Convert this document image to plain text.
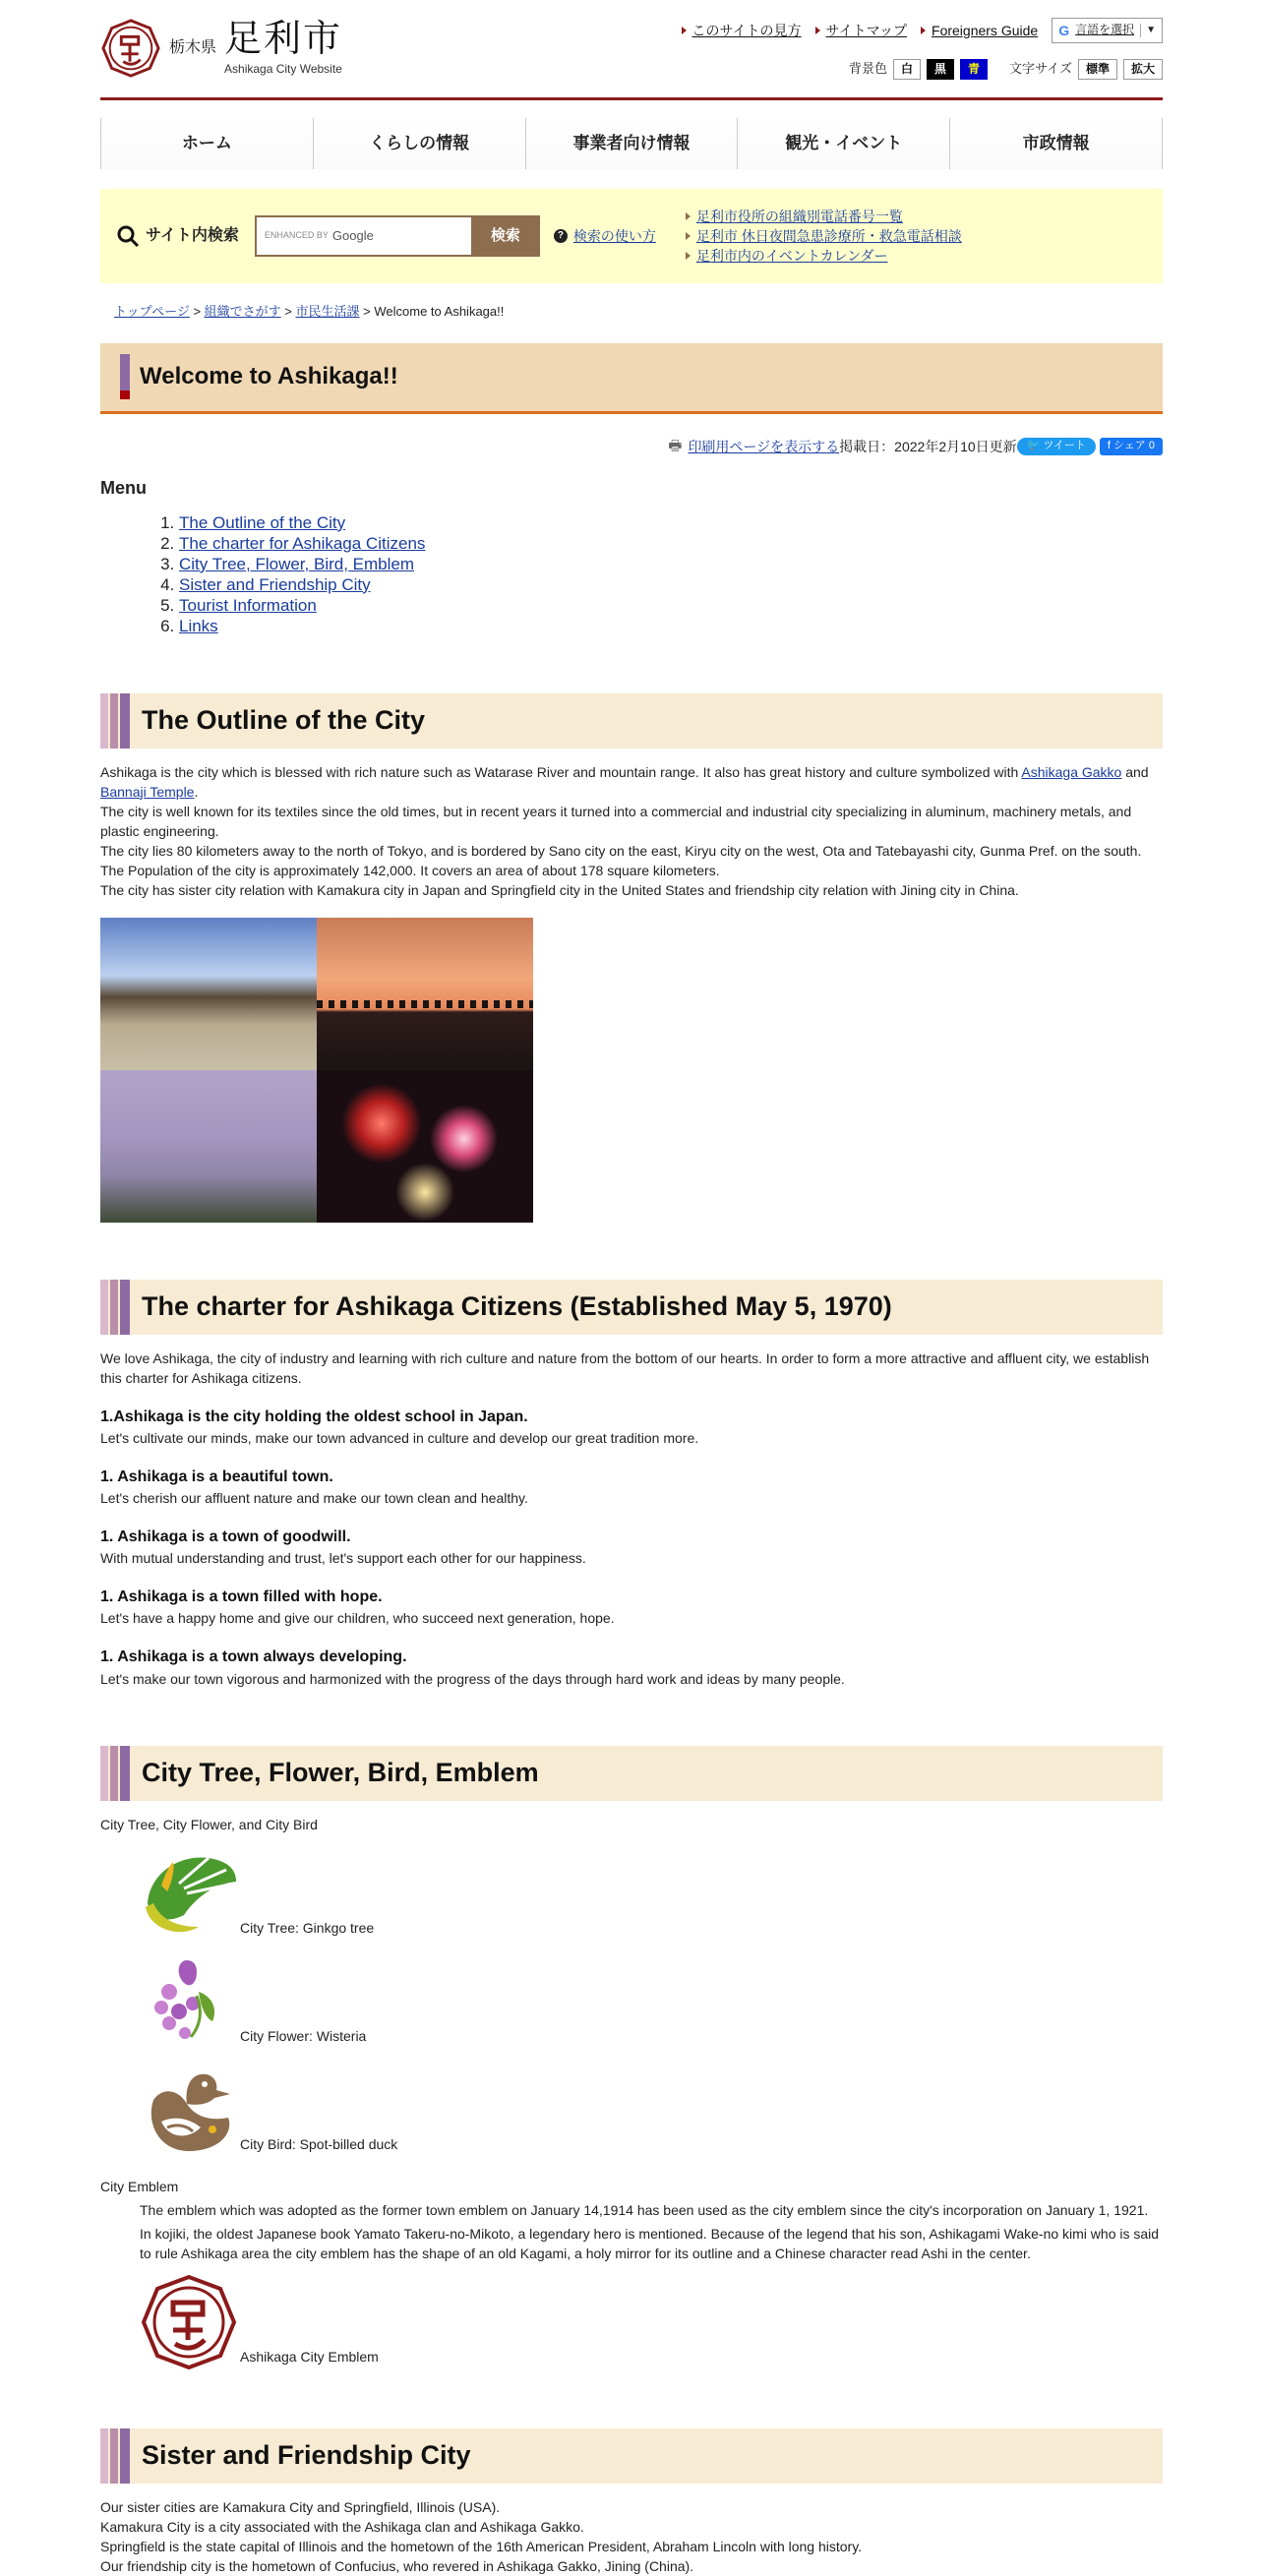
栃木県 足利市
Ashikaga City Website
このサイトの見方	サイトマップ	Foreigners Guide G 言語を選択	▼
背景色	白	黒	青	文字サイズ	標準	拡大
ホーム	くらしの情報	事業者向け情報	観光・イベント	市政情報
サイト内検索	ENHANCED BY Google	検索	? 検索の使い方
足利市役所の組織別電話番号一覧
足利市 休日夜間急患診療所・救急電話相談
足利市内のイベントカレンダー
トップページ > 組織でさがす > 市民生活課 > Welcome to Ashikaga!!
Welcome to Ashikaga!!
🖶 印刷用ページを表示する 掲載日：2022年2月10日更新 🐦 ツイート	f シェア 0
Menu
1. The Outline of the City
2. The charter for Ashikaga Citizens
3. City Tree, Flower, Bird, Emblem
4. Sister and Friendship City
5. Tourist Information
6. Links
The Outline of the City
Ashikaga is the city which is blessed with rich nature such as Watarase River and mountain range. It also has great history and culture symbolized with Ashikaga Gakko and Bannaji Temple.
The city is well known for its textiles since the old times, but in recent years it turned into a commercial and industrial city specializing in aluminum, machinery metals, and plastic engineering.
The city lies 80 kilometers away to the north of Tokyo, and is bordered by Sano city on the east, Kiryu city on the west, Ota and Tatebayashi city, Gunma Pref. on the south.
The Population of the city is approximately 142,000. It covers an area of about 178 square kilometers.
The city has sister city relation with Kamakura city in Japan and Springfield city in the United States and friendship city relation with Jining city in China.
The charter for Ashikaga Citizens (Established May 5, 1970)
We love Ashikaga, the city of industry and learning with rich culture and nature from the bottom of our hearts. In order to form a more attractive and affluent city, we establish this charter for Ashikaga citizens.
1.Ashikaga is the city holding the oldest school in Japan.

Let's cultivate our minds, make our town advanced in culture and develop our great tradition more.

1. Ashikaga is a beautiful town.

Let's cherish our affluent nature and make our town clean and healthy.

1. Ashikaga is a town of goodwill.

With mutual understanding and trust, let's support each other for our happiness.

1. Ashikaga is a town filled with hope.

Let's have a happy home and give our children, who succeed next generation, hope.

1. Ashikaga is a town always developing.

Let's make our town vigorous and harmonized with the progress of the days through hard work and ideas by many people.

City Tree, Flower, Bird, Emblem
City Tree, City Flower, and City Bird
City Tree: Ginkgo tree
City Flower: Wisteria
City Bird: Spot-billed duck
City Emblem
The emblem which was adopted as the former town emblem on January 14,1914 has been used as the city emblem since the city's incorporation on January 1, 1921.
In kojiki, the oldest Japanese book Yamato Takeru-no-Mikoto, a legendary hero is mentioned. Because of the legend that his son, Ashikagami Wake-no kimi who is said to rule Ashikaga area the city emblem has the shape of an old Kagami, a holy mirror for its outline and a Chinese character read Ashi in the center.
Ashikaga City Emblem
Sister and Friendship City
Our sister cities are Kamakura City and Springfield, Illinois (USA).
Kamakura City is a city associated with the Ashikaga clan and Ashikaga Gakko.
Springfield is the state capital of Illinois and the hometown of the 16th American President, Abraham Lincoln with long history.
Our friendship city is the hometown of Confucius, who revered in Ashikaga Gakko, Jining (China).
